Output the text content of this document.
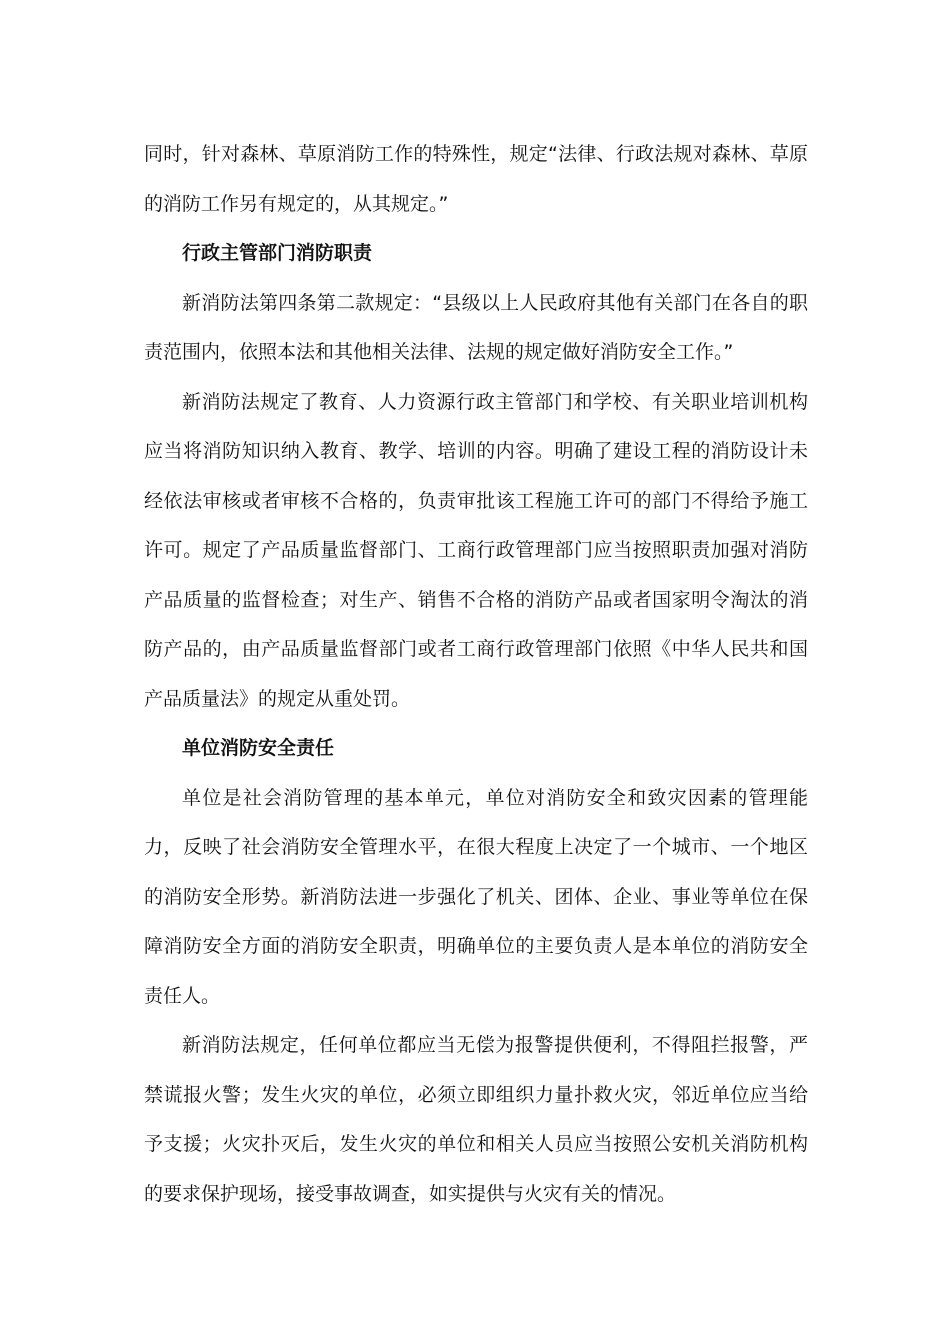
同时，针对森林、草原消防工作的特殊性，规定“法律、行政法规对森林、草原的消防工作另有规定的，从其规定。”

行政主管部门消防职责

新消防法第四条第二款规定：“县级以上人民政府其他有关部门在各自的职责范围内，依照本法和其他相关法律、法规的规定做好消防安全工作。”

新消防法规定了教育、人力资源行政主管部门和学校、有关职业培训机构应当将消防知识纳入教育、教学、培训的内容。明确了建设工程的消防设计未经依法审核或者审核不合格的，负责审批该工程施工许可的部门不得给予施工许可。规定了产品质量监督部门、工商行政管理部门应当按照职责加强对消防产品质量的监督检查；对生产、销售不合格的消防产品或者国家明令淘汰的消防产品的，由产品质量监督部门或者工商行政管理部门依照《中华人民共和国产品质量法》的规定从重处罚。

单位消防安全责任

单位是社会消防管理的基本单元，单位对消防安全和致灾因素的管理能力，反映了社会消防安全管理水平，在很大程度上决定了一个城市、一个地区的消防安全形势。新消防法进一步强化了机关、团体、企业、事业等单位在保障消防安全方面的消防安全职责，明确单位的主要负责人是本单位的消防安全责任人。

新消防法规定，任何单位都应当无偿为报警提供便利，不得阻拦报警，严禁谎报火警；发生火灾的单位，必须立即组织力量扑救火灾，邻近单位应当给予支援；火灾扑灭后，发生火灾的单位和相关人员应当按照公安机关消防机构的要求保护现场，接受事故调查，如实提供与火灾有关的情况。
